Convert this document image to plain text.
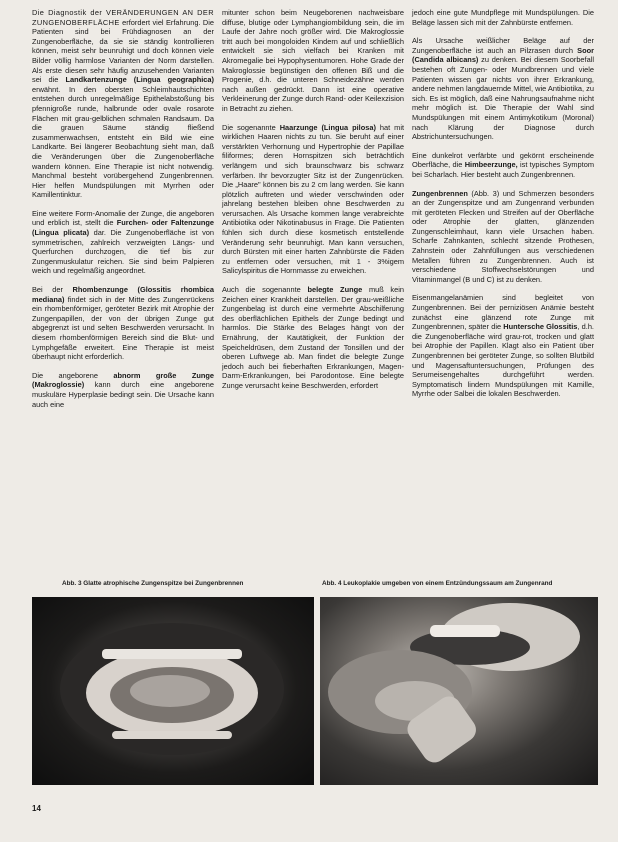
Die Diagnostik der VERÄNDERUNGEN AN DER ZUNGENOBERFLÄCHE erfordert viel Erfahrung. Die Patienten sind bei Frühdiagnosen an der Zungenoberfläche, da sie sie ständig kontrollieren können, meist sehr beunruhigt und doch können viele Bilder völlig harmlose Varianten der Norm darstellen. Als erste diesen sehr häufig anzusehenden Varianten sei die Landkartenzunge (Lingua geographica) erwähnt. In den obersten Schleimhautschichten entstehen durch unregelmäßige Epithelabstoßung bis pfennigroße runde, halbrunde oder ovale rosarote Flächen mit grau-gelblichen schmalen Randsaum. Da die grauen Säume ständig fließend zusammenwachsen, entsteht ein Bild wie eine Landkarte. Bei längerer Beobachtung sieht man, daß die Veränderungen über die Zungenoberfläche wandern können. Eine Therapie ist nicht notwendig. Manchmal besteht vorübergehend Zungenbrennen. Hier helfen Mundspülungen mit Myrrhen oder Kamillentinktur.

Eine weitere Form-Anomalie der Zunge, die angeboren und erblich ist, stellt die Furchen- oder Faltenzunge (Lingua plicata) dar. Die Zungenoberfläche ist von symmetrischen, zahlreich verzweigten Längs- und Querfurchen durchzogen, die tief bis zur Zungenmuskulatur reichen. Sie sind beim Palpieren weich und regelmäßig angeordnet.

Bei der Rhombenzunge (Glossitis rhombica mediana) findet sich in der Mitte des Zungenrückens ein rhombenförmiger, geröteter Bezirk mit Atrophie der Zungenpapillen, der von der übrigen Zunge gut abgegrenzt ist und selten Beschwerden verursacht. In diesem rhombenförmigen Bereich sind die Blut- und Lymphgefäße erweitert. Eine Therapie ist meist überhaupt nicht erforderlich.

Die angeborene abnorm große Zunge (Makroglossie) kann durch eine angeborene muskuläre Hyperplasie bedingt sein. Die Ursache kann auch eine

mitunter schon beim Neugeborenen nachweisbare diffuse, blutige oder Lymphangiombildung sein, die im Laufe der Jahre noch größer wird. Die Makroglossie tritt auch bei mongoloiden Kindern auf und schließlich entwickelt sie sich vielfach bei Kranken mit Akromegalie bei Hypophysentumoren. Hohe Grade der Makroglossie begünstigen den offenen Biß und die Progenie, d.h. die unteren Schneidezähne werden nach außen gedrückt. Dann ist eine operative Verkleinerung der Zunge durch Rand- oder Keilexzision in Betracht zu ziehen.

Die sogenannte Haarzunge (Lingua pilosa) hat mit wirklichen Haaren nichts zu tun. Sie beruht auf einer verstärkten Verhornung und Hypertrophie der Papillae filiformes; deren Hornspitzen sich beträchtlich verlängern und sich braunschwarz bis schwarz verfärben. Ihr bevorzugter Sitz ist der Zungenrücken. Die „Haare" können bis zu 2 cm lang werden. Sie kann plötzlich auftreten und wieder verschwinden oder jahrelang bestehen bleiben ohne Beschwerden zu verursachen. Als Ursache kommen lange verabreichte Antibiotika oder Nikotinabusus in Frage. Die Patienten fühlen sich durch diese kosmetisch entstellende Veränderung sehr beunruhigt. Man kann versuchen, durch Bürsten mit einer harten Zahnbürste die Fäden zu entfernen oder versuchen, mit 1 - 3%igem Salicylspiritus die Hornmasse zu erweichen.

Auch die sogenannte belegte Zunge muß kein Zeichen einer Krankheit darstellen. Der grau-weißliche Zungenbelag ist durch eine vermehrte Abschilferung des oberflächlichen Epithels der Zunge bedingt und harmlos. Die Stärke des Belages hängt von der Ernährung, der Kautätigkeit, der Funktion der Speicheldrüsen, dem Zustand der Tonsillen und der oberen Luftwege ab. Man findet die belegte Zunge jedoch auch bei fieberhaften Erkrankungen, Magen-Darm-Erkrankungen, bei Parodontose. Eine belegte Zunge verursacht keine Beschwerden, erfordert

jedoch eine gute Mundpflege mit Mundspülungen. Die Beläge lassen sich mit der Zahnbürste entfernen.

Als Ursache weißlicher Beläge auf der Zungenoberfläche ist auch an Pilzrasen durch Soor (Candida albicans) zu denken. Bei diesem Soorbefall bestehen oft Zungen- oder Mundbrennen und viele Patienten wissen gar nichts von ihrer Erkrankung, andere nehmen langdauernde Mittel, wie Antibiotika, zu sich. Es ist möglich, daß eine Nahrungsaufnahme nicht mehr möglich ist. Die Therapie der Wahl sind Mundspülungen mit einem Antimykotikum (Moronal) nach Klärung der Diagnose durch Abstrichuntersuchungen.

Eine dunkelrot verfärbte und gekörnt erscheinende Oberfläche, die Himbeerzunge, ist typisches Symptom bei Scharlach. Hier besteht auch Zungenbrennen.

Zungenbrennen (Abb. 3) und Schmerzen besonders an der Zungenspitze und am Zungenrand verbunden mit geröteten Flecken und Streifen auf der Oberfläche oder Atrophie der glatten, glänzenden Zungenschleimhaut, kann viele Ursachen haben. Scharfe Zahnkanten, schlecht sitzende Prothesen, Zahnstein oder Zahnfüllungen aus verschiedenen Metallen führen zu Zungenbrennen. Auch ist verschiedene Stoffwechselstörungen und Vitaminmangel (B und C) ist zu denken.

Eisenmangelanämien sind begleitet von Zungenbrennen. Bei der perniziösen Anämie besteht zunächst eine glänzend rote Zunge mit Zungenbrennen, später die Huntersche Glossitis, d.h. die Zungenoberfläche wird grau-rot, trocken und glatt bei Atrophie der Papillen. Klagt also ein Patient über Zungenbrennen bei geröteter Zunge, so sollten Blutbild und Magensaftuntersuchungen, Prüfungen des Serumeisengehaltes durchgeführt werden. Symptomatisch lindern Mundspülungen mit Kamille, Myrrhe oder Salbei die lokalen Beschwerden.

Abb. 3 Glatte atrophische Zungenspitze bei Zungenbrennen	Abb. 4 Leukoplakie umgeben von einem Entzündungssaum am Zungenrand
14
